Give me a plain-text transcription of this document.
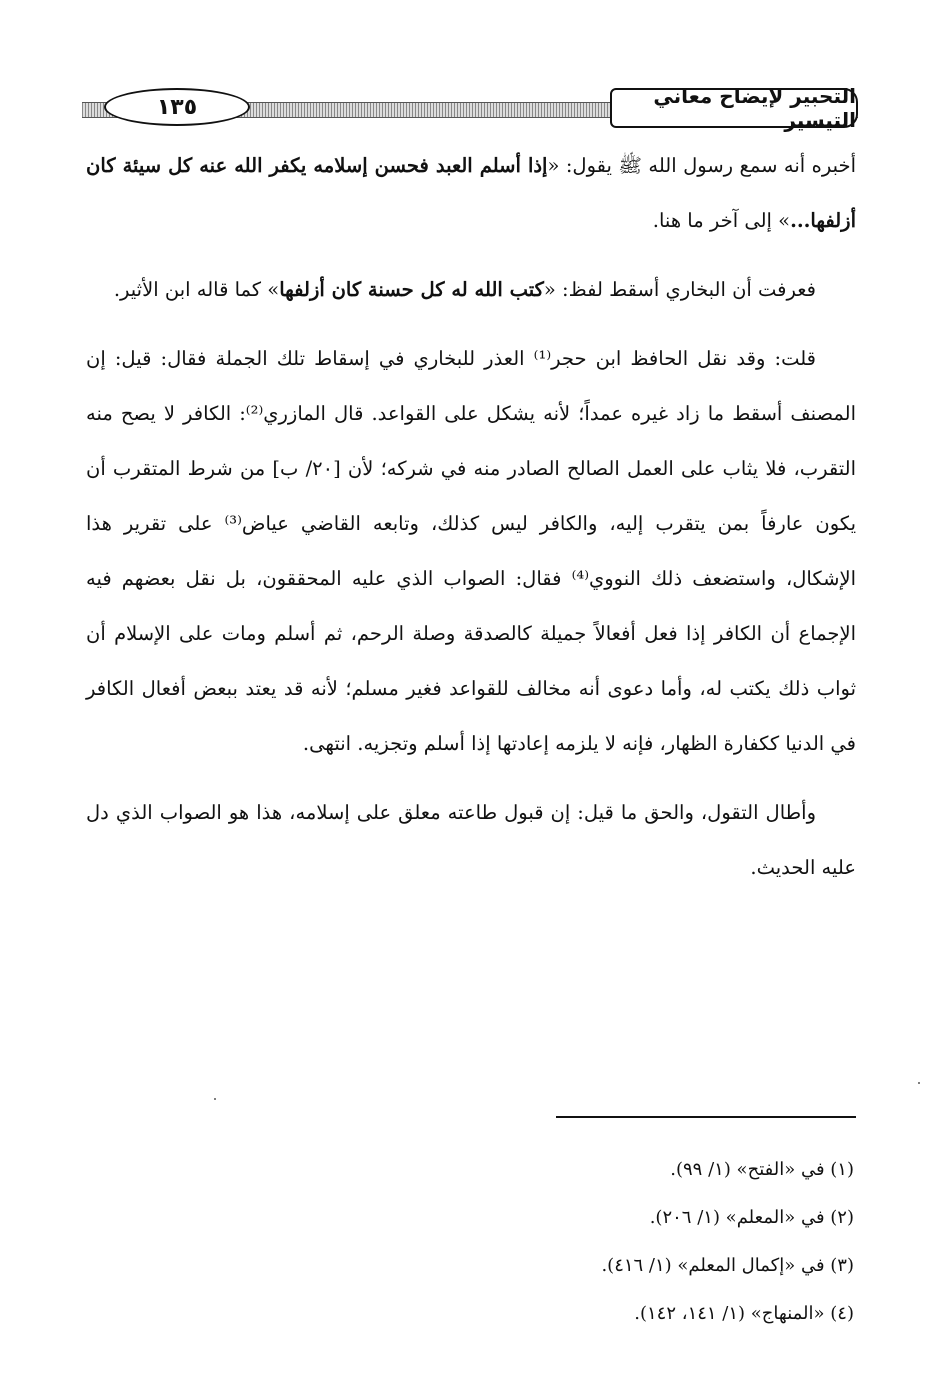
١٣٥	التحبير لإيضاح معاني التيسير

أخبره أنه سمع رسول الله ﷺ يقول: «إذا أسلم العبد فحسن إسلامه يكفر الله عنه كل سيئة كان أزلفها...» إلى آخر ما هنا.

فعرفت أن البخاري أسقط لفظ: «كتب الله له كل حسنة كان أزلفها» كما قاله ابن الأثير.

قلت: وقد نقل الحافظ ابن حجر⁽¹⁾ العذر للبخاري في إسقاط تلك الجملة فقال: قيل: إن المصنف أسقط ما زاد غيره عمداً؛ لأنه يشكل على القواعد. قال المازري⁽²⁾: الكافر لا يصح منه التقرب، فلا يثاب على العمل الصالح الصادر منه في شركه؛ لأن [٢٠/ ب] من شرط المتقرب أن يكون عارفاً بمن يتقرب إليه، والكافر ليس كذلك، وتابعه القاضي عياض⁽³⁾ على تقرير هذا الإشكال، واستضعف ذلك النووي⁽⁴⁾ فقال: الصواب الذي عليه المحققون، بل نقل بعضهم فيه الإجماع أن الكافر إذا فعل أفعالاً جميلة كالصدقة وصلة الرحم، ثم أسلم ومات على الإسلام أن ثواب ذلك يكتب له، وأما دعوى أنه مخالف للقواعد فغير مسلم؛ لأنه قد يعتد ببعض أفعال الكافر في الدنيا ككفارة الظهار، فإنه لا يلزمه إعادتها إذا أسلم وتجزيه. انتهى.

وأطال التقول، والحق ما قيل: إن قبول طاعته معلق على إسلامه، هذا هو الصواب الذي دل عليه الحديث.

(١) في «الفتح» (١/ ٩٩).
(٢) في «المعلم» (١/ ٢٠٦).
(٣) في «إكمال المعلم» (١/ ٤١٦).
(٤) «المنهاج» (١/ ١٤١، ١٤٢).
